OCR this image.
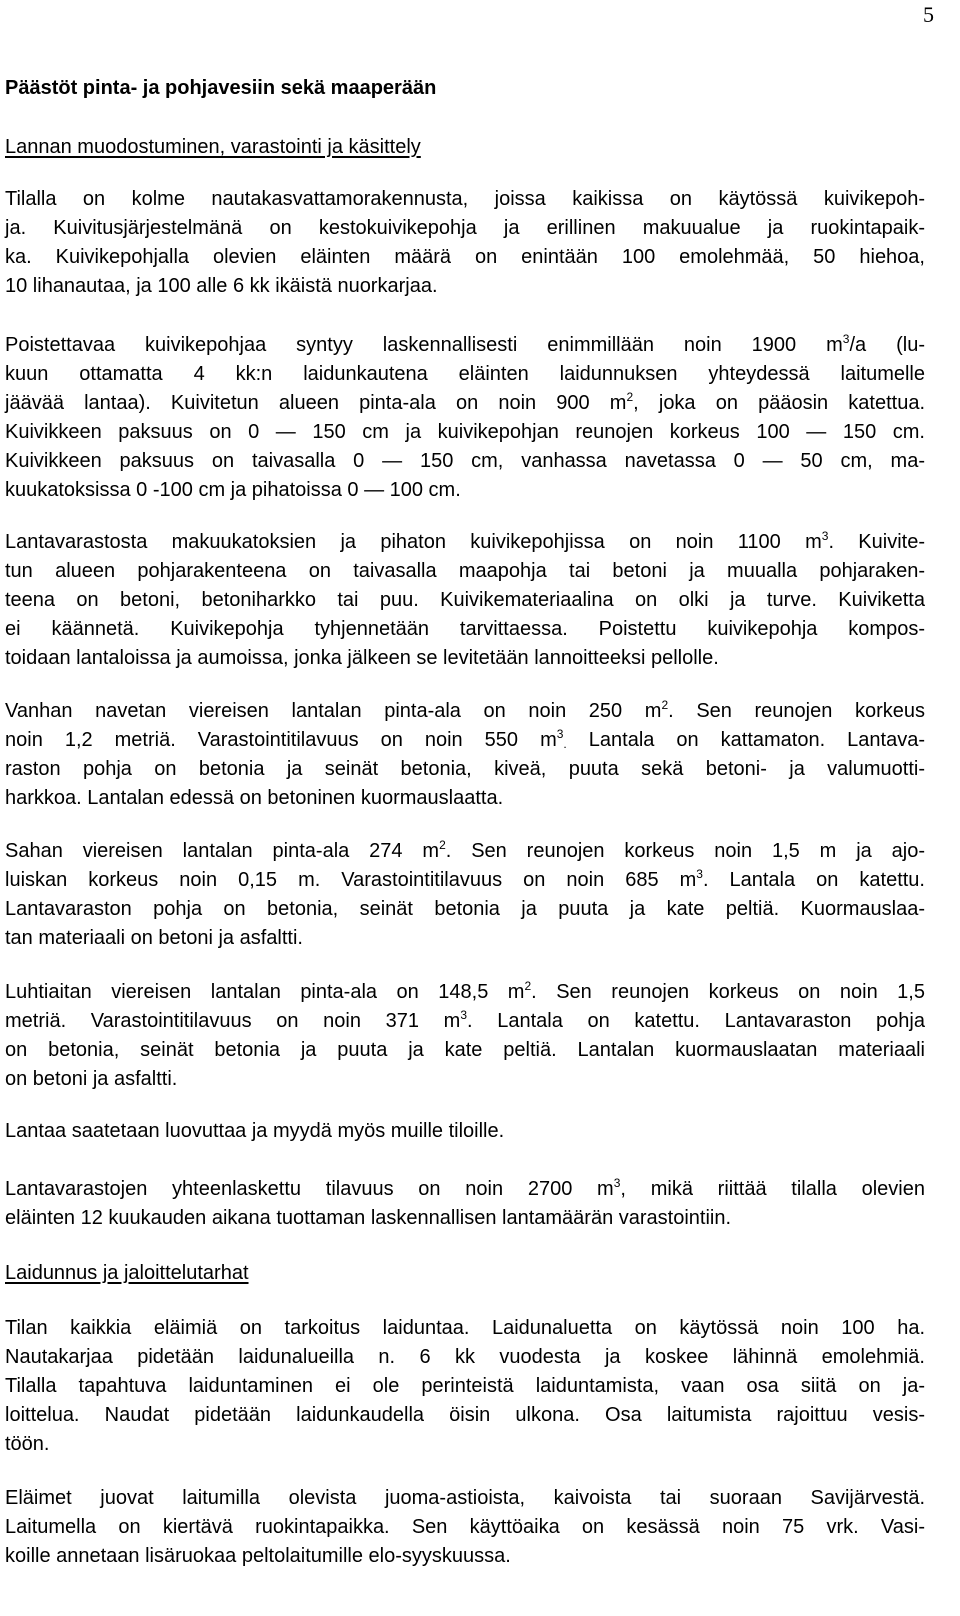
5
Päästöt pinta- ja pohjavesiin sekä maaperään
Lannan muodostuminen, varastointi ja käsittely
Tilalla on kolme nautakasvattamorakennusta, joissa kaikissa on käytössä kuivikepoh-
ja. Kuivitusjärjestelmänä on kestokuivikepohja ja erillinen makuualue ja ruokintapaik-
ka. Kuivikepohjalla olevien eläinten määrä on enintään 100 emolehmää, 50 hiehoa,
10 lihanautaa, ja 100 alle 6 kk ikäistä nuorkarjaa.
Poistettavaa kuivikepohjaa syntyy laskennallisesti enimmillään noin 1900 $m^3/a$ (lu-
kuun ottamatta 4 kk:n laidunkautena eläinten laidunnuksen yhteydessä laitumelle
jäävää lantaa). Kuivitetun alueen pinta-ala on noin 900 $m^2$, joka on pääosin katettua.
Kuivikkeen paksuus on 0 — 150 cm ja kuivikepohjan reunojen korkeus 100 — 150 cm.
Kuivikkeen paksuus on taivasalla 0 — 150 cm, vanhassa navetassa 0 — 50 cm, ma-
kuukatoksissa 0 -100 cm ja pihatoissa 0 — 100 cm.
Lantavarastosta makuukatoksien ja pihaton kuivikepohjissa on noin 1100 $m^3$. Kuivite-
tun alueen pohjarakenteena on taivasalla maapohja tai betoni ja muualla pohjaraken-
teena on betoni, betoniharkko tai puu. Kuivikemateriaalina on olki ja turve. Kuiviketta
ei käännetä. Kuivikepohja tyhjennetään tarvittaessa. Poistettu kuivikepohja kompos-
toidaan lantaloissa ja aumoissa, jonka jälkeen se levitetään lannoitteeksi pellolle.
Vanhan navetan viereisen lantalan pinta-ala on noin 250 $m^2$. Sen reunojen korkeus
noin 1,2 metriä. Varastointitilavuus on noin 550 $m^3$. Lantala on kattamaton. Lantava-
raston pohja on betonia ja seinät betonia, kiveä, puuta sekä betoni- ja valumuotti-
harkkoa. Lantalan edessä on betoninen kuormauslaatta.
Sahan viereisen lantalan pinta-ala 274 $m^2$. Sen reunojen korkeus noin 1,5 m ja ajo-
luiskan korkeus noin 0,15 m. Varastointitilavuus on noin 685 $m^3$. Lantala on katettu.
Lantavaraston pohja on betonia, seinät betonia ja puuta ja kate peltiä. Kuormauslaa-
tan materiaali on betoni ja asfaltti.
Luhtiaitan viereisen lantalan pinta-ala on 148,5 $m^2$. Sen reunojen korkeus on noin 1,5
metriä. Varastointitilavuus on noin 371 $m^3$. Lantala on katettu. Lantavaraston pohja
on betonia, seinät betonia ja puuta ja kate peltiä. Lantalan kuormauslaatan materiaali
on betoni ja asfaltti.
Lantaa saatetaan luovuttaa ja myydä myös muille tiloille.
Lantavarastojen yhteenlaskettu tilavuus on noin 2700 $m^3$, mikä riittää tilalla olevien
eläinten 12 kuukauden aikana tuottaman laskennallisen lantamäärän varastointiin.
Laidunnus ja jaloittelutarhat
Tilan kaikkia eläimiä on tarkoitus laiduntaa. Laidunaluetta on käytössä noin 100 ha.
Nautakarjaa pidetään laidunalueilla n. 6 kk vuodesta ja koskee lähinnä emolehmiä.
Tilalla tapahtuva laiduntaminen ei ole perinteistä laiduntamista, vaan osa siitä on ja-
loittelua. Naudat pidetään laidunkaudella öisin ulkona. Osa laitumista rajoittuu vesis-
töön.
Eläimet juovat laitumilla olevista juoma-astioista, kaivoista tai suoraan Savijärvestä.
Laitumella on kiertävä ruokintapaikka. Sen käyttöaika on kesässä noin 75 vrk. Vasi-
koille annetaan lisäruokaa peltolaitumille elo-syyskuussa.
